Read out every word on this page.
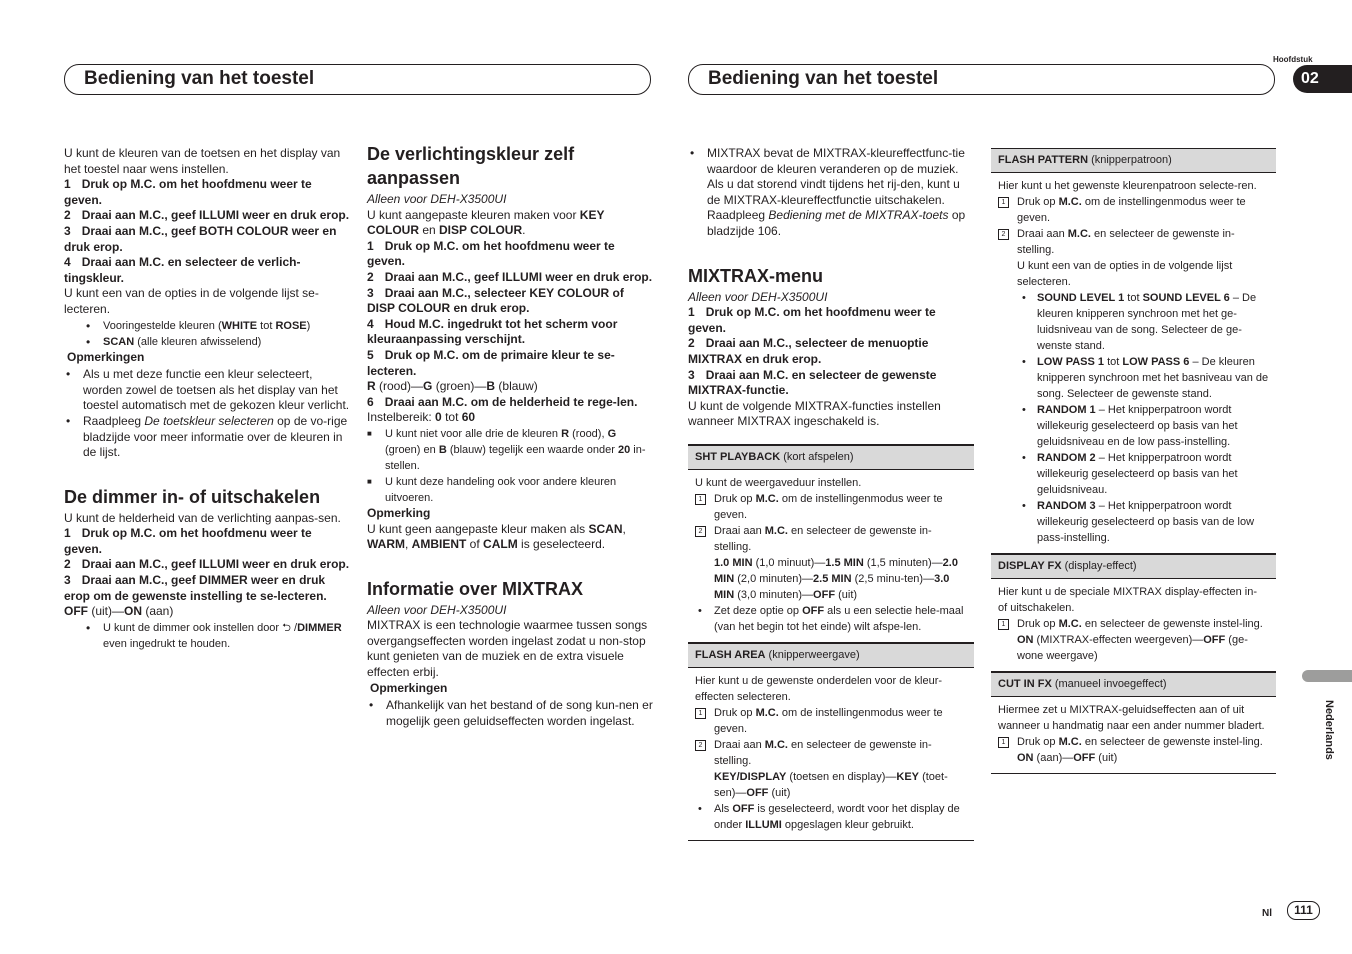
Bediening van het toestel	Bediening van het toestel
Hoofdstuk
02
Nederlands
Nl	111

U kunt de kleuren van de toetsen en het display van het toestel naar wens instellen.

1 Druk op M.C. om het hoofdmenu weer te geven.

2 Draai aan M.C., geef ILLUMI weer en druk erop.

3 Draai aan M.C., geef BOTH COLOUR weer en druk erop.

4 Draai aan M.C. en selecteer de verlich-tingskleur.

U kunt een van de opties in de volgende lijst se-lecteren.

• Vooringestelde kleuren (WHITE tot ROSE)
• SCAN (alle kleuren afwisselend)

Opmerkingen

• Als u met deze functie een kleur selecteert, worden zowel de toetsen als het display van het toestel automatisch met de gekozen kleur verlicht.
• Raadpleeg De toetskleur selecteren op de vo-rige bladzijde voor meer informatie over de kleuren in de lijst.
De dimmer in- of uitschakelen

U kunt de helderheid van de verlichting aanpas-sen.

1 Druk op M.C. om het hoofdmenu weer te geven.

2 Draai aan M.C., geef ILLUMI weer en druk erop.

3 Draai aan M.C., geef DIMMER weer en druk erop om de gewenste instelling te se-lecteren.

OFF (uit)—ON (aan)

• U kunt de dimmer ook instellen door ⮌ /DIMMER even ingedrukt te houden.
De verlichtingskleur zelf aanpassen

Alleen voor DEH-X3500UI

U kunt aangepaste kleuren maken voor KEY COLOUR en DISP COLOUR.

1 Druk op M.C. om het hoofdmenu weer te geven.

2 Draai aan M.C., geef ILLUMI weer en druk erop.

3 Draai aan M.C., selecteer KEY COLOUR of DISP COLOUR en druk erop.

4 Houd M.C. ingedrukt tot het scherm voor kleuraanpassing verschijnt.

5 Druk op M.C. om de primaire kleur te se-lecteren.

R (rood)—G (groen)—B (blauw)

6 Draai aan M.C. om de helderheid te rege-len.

Instelbereik: 0 tot 60

■ U kunt niet voor alle drie de kleuren R (rood), G (groen) en B (blauw) tegelijk een waarde onder 20 in-stellen.

■ U kunt deze handeling ook voor andere kleuren uitvoeren.

Opmerking

U kunt geen aangepaste kleur maken als SCAN, WARM, AMBIENT of CALM is geselecteerd.

Informatie over MIXTRAX

Alleen voor DEH-X3500UI

MIXTRAX is een technologie waarmee tussen songs overgangseffecten worden ingelast zodat u non-stop kunt genieten van de muziek en de extra visuele effecten erbij.

Opmerkingen

• Afhankelijk van het bestand of de song kun-nen er mogelijk geen geluidseffecten worden ingelast.
• MIXTRAX bevat de MIXTRAX-kleureffectfunc-tie waardoor de kleuren veranderen op de muziek. Als u dat storend vindt tijdens het rij-den, kunt u de MIXTRAX-kleureffectfunctie uitschakelen. Raadpleeg Bediening met de MIXTRAX-toets op bladzijde 106.
MIXTRAX-menu

Alleen voor DEH-X3500UI

1 Druk op M.C. om het hoofdmenu weer te geven.

2 Draai aan M.C., selecteer de menuoptie MIXTRAX en druk erop.

3 Draai aan M.C. en selecteer de gewenste MIXTRAX-functie.

U kunt de volgende MIXTRAX-functies instellen wanneer MIXTRAX ingeschakeld is.

SHT PLAYBACK (kort afspelen)
U kunt de weergaveduur instellen.
1	Druk op M.C. om de instellingenmodus weer te geven.
2	Draai aan M.C. en selecteer de gewenste in-stelling.
1.0 MIN (1,0 minuut)—1.5 MIN (1,5 minuten)—2.0 MIN (2,0 minuten)—2.5 MIN (2,5 minu-ten)—3.0 MIN (3,0 minuten)—OFF (uit)
• Zet deze optie op OFF als u een selectie hele-maal (van het begin tot het einde) wilt afspe-len.
FLASH AREA (knipperweergave)
Hier kunt u de gewenste onderdelen voor de kleur-effecten selecteren.
1	Druk op M.C. om de instellingenmodus weer te geven.
2	Draai aan M.C. en selecteer de gewenste in-stelling.
KEY/DISPLAY (toetsen en display)—KEY (toet-sen)—OFF (uit)
• Als OFF is geselecteerd, wordt voor het display de onder ILLUMI opgeslagen kleur gebruikt.
FLASH PATTERN (knipperpatroon)
Hier kunt u het gewenste kleurenpatroon selecte-ren.
1	Druk op M.C. om de instellingenmodus weer te geven.
2	Draai aan M.C. en selecteer de gewenste in-stelling.
U kunt een van de opties in de volgende lijst selecteren.
• SOUND LEVEL 1 tot SOUND LEVEL 6 – De kleuren knipperen synchroon met het ge-luidsniveau van de song. Selecteer de ge-wenste stand.
• LOW PASS 1 tot LOW PASS 6 – De kleuren knipperen synchroon met het basniveau van de song. Selecteer de gewenste stand.
• RANDOM 1 – Het knipperpatroon wordt willekeurig geselecteerd op basis van het geluidsniveau en de low pass-instelling.
• RANDOM 2 – Het knipperpatroon wordt willekeurig geselecteerd op basis van het geluidsniveau.
• RANDOM 3 – Het knipperpatroon wordt willekeurig geselecteerd op basis van de low pass-instelling.
DISPLAY FX (display-effect)
Hier kunt u de speciale MIXTRAX display-effecten in- of uitschakelen.
1	Druk op M.C. en selecteer de gewenste instel-ling.
ON (MIXTRAX-effecten weergeven)—OFF (ge-wone weergave)
CUT IN FX (manueel invoegeffect)
Hiermee zet u MIXTRAX-geluidseffecten aan of uit wanneer u handmatig naar een ander nummer bladert.
1	Druk op M.C. en selecteer de gewenste instel-ling.
ON (aan)—OFF (uit)
